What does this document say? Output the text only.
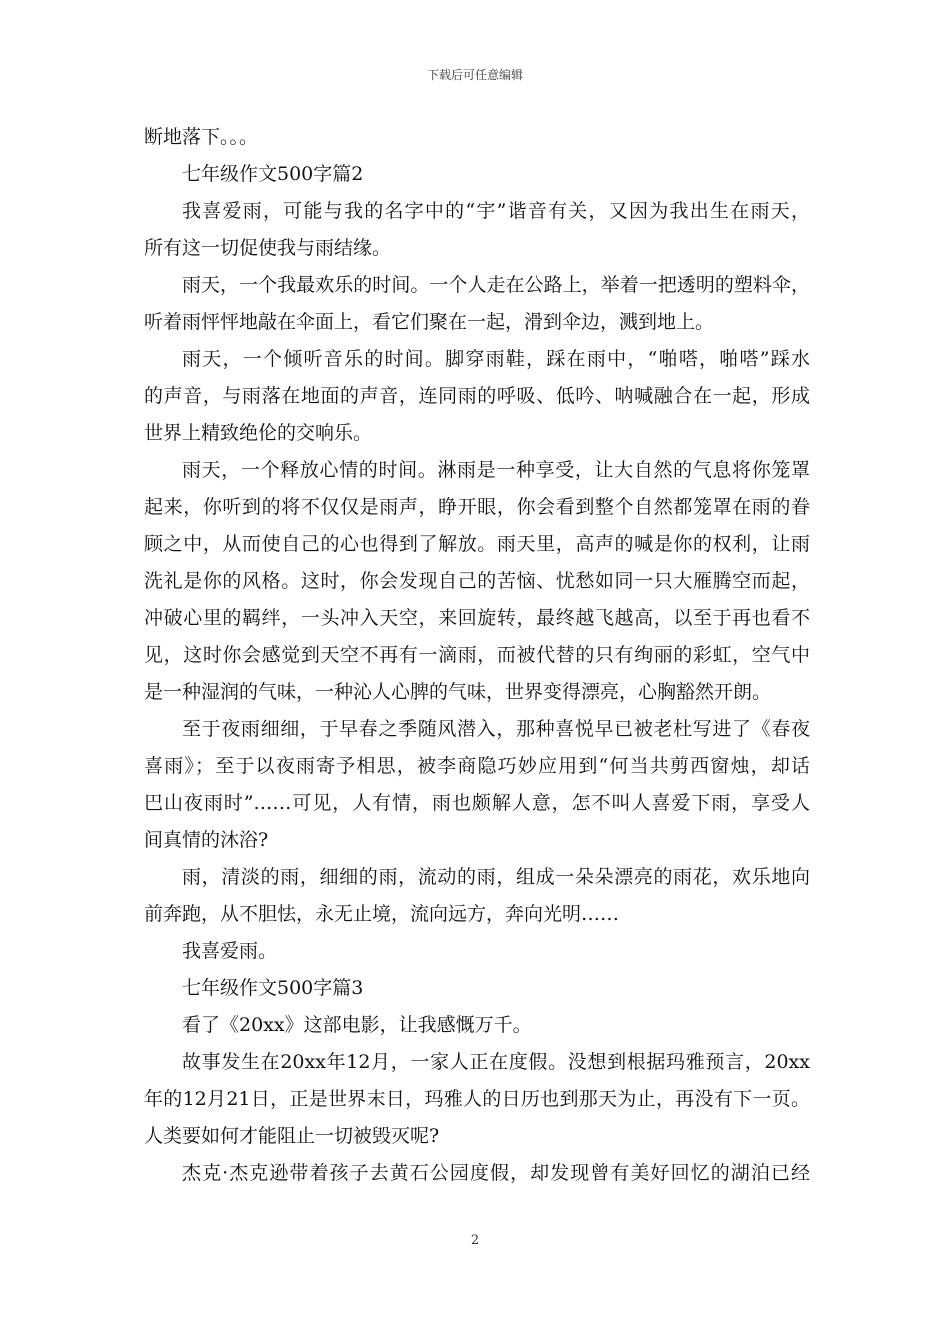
下载后可任意编辑
断地落下。。。
七年级作文500字篇2
我喜爱雨，可能与我的名字中的“宇”谐音有关，又因为我出生在雨天，
所有这一切促使我与雨结缘。
雨天，一个我最欢乐的时间。一个人走在公路上，举着一把透明的塑料伞，
听着雨怦怦地敲在伞面上，看它们聚在一起，滑到伞边，溅到地上。
雨天，一个倾听音乐的时间。脚穿雨鞋，踩在雨中，“啪嗒，啪嗒”踩水
的声音，与雨落在地面的声音，连同雨的呼吸、低吟、呐喊融合在一起，形成
世界上精致绝伦的交响乐。
雨天，一个释放心情的时间。淋雨是一种享受，让大自然的气息将你笼罩
起来，你听到的将不仅仅是雨声，睁开眼，你会看到整个自然都笼罩在雨的眷
顾之中，从而使自己的心也得到了解放。雨天里，高声的喊是你的权利，让雨
洗礼是你的风格。这时，你会发现自己的苦恼、忧愁如同一只大雁腾空而起，
冲破心里的羁绊，一头冲入天空，来回旋转，最终越飞越高，以至于再也看不
见，这时你会感觉到天空不再有一滴雨，而被代替的只有绚丽的彩虹，空气中
是一种湿润的气味，一种沁人心脾的气味，世界变得漂亮，心胸豁然开朗。
至于夜雨细细，于早春之季随风潜入，那种喜悦早已被老杜写进了《春夜
喜雨》；至于以夜雨寄予相思，被李商隐巧妙应用到“何当共剪西窗烛，却话
巴山夜雨时”……可见，人有情，雨也颇解人意，怎不叫人喜爱下雨，享受人
间真情的沐浴?
雨，清淡的雨，细细的雨，流动的雨，组成一朵朵漂亮的雨花，欢乐地向
前奔跑，从不胆怯，永无止境，流向远方，奔向光明……
我喜爱雨。
七年级作文500字篇3
看了《20xx》这部电影，让我感慨万千。
故事发生在20xx年12月，一家人正在度假。没想到根据玛雅预言，20xx
年的12月21日，正是世界末日，玛雅人的日历也到那天为止，再没有下一页。
人类要如何才能阻止一切被毁灭呢?
杰克·杰克逊带着孩子去黄石公园度假，却发现曾有美好回忆的湖泊已经
2
